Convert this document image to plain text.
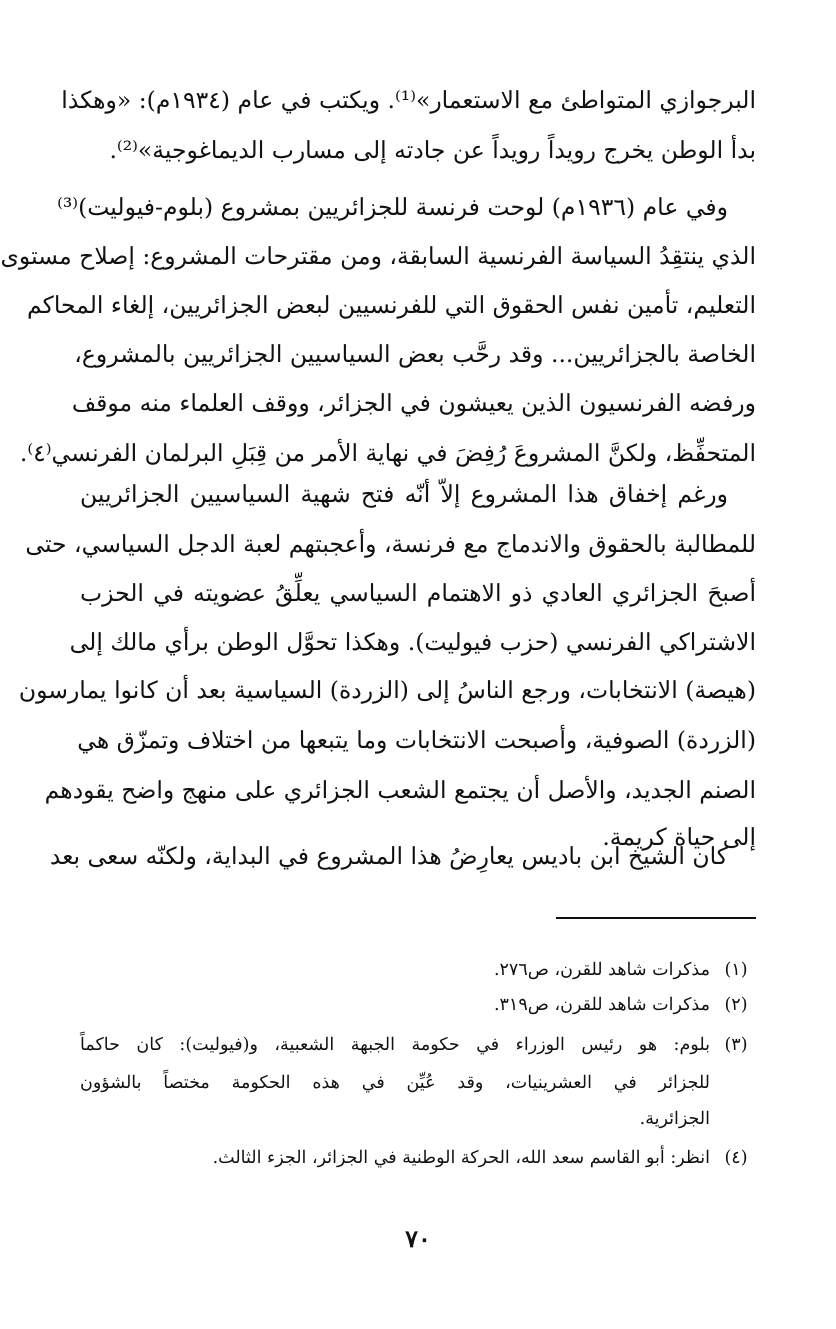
البرجوازي المتواطئ مع الاستعمار»⁽¹⁾. ويكتب في عام (١٩٣٤م): «وهكذا
بدأ الوطن يخرج رويداً رويداً عن جادته إلى مسارب الديماغوجية»⁽²⁾.
وفي عام (١٩٣٦م) لوحت فرنسة للجزائريين بمشروع (بلوم-فيوليت)⁽³⁾
الذي ينتقِدُ السياسة الفرنسية السابقة، ومن مقترحات المشروع: إصلاح مستوى
التعليم، تأمين نفس الحقوق التي للفرنسيين لبعض الجزائريين، إلغاء المحاكم
الخاصة بالجزائريين... وقد رحَّب بعض السياسيين الجزائريين بالمشروع،
ورفضه الفرنسيون الذين يعيشون في الجزائر، ووقف العلماء منه موقف
المتحفِّظ، ولكنَّ المشروعَ رُفِضَ في نهاية الأمر من قِبَلِ البرلمان الفرنسي⁽٤⁾.
ورغم إخفاق هذا المشروع إلاّ أنّه فتح شهية السياسيين الجزائريين
للمطالبة بالحقوق والاندماج مع فرنسة، وأعجبتهم لعبة الدجل السياسي، حتى
أصبحَ الجزائري العادي ذو الاهتمام السياسي يعلِّقُ عضويته في الحزب
الاشتراكي الفرنسي (حزب فيوليت). وهكذا تحوَّل الوطن برأي مالك إلى
(هيصة) الانتخابات، ورجع الناسُ إلى (الزردة) السياسية بعد أن كانوا يمارسون
(الزردة) الصوفية، وأصبحت الانتخابات وما يتبعها من اختلاف وتمزّق هي
الصنم الجديد، والأصل أن يجتمع الشعب الجزائري على منهج واضح يقودهم
إلى حياة كريمة.
كان الشيخ ابن باديس يعارِضُ هذا المشروع في البداية، ولكنّه سعى بعد
(١)
مذكرات شاهد للقرن، ص٢٧٦.
(٢)
مذكرات شاهد للقرن، ص٣١٩.
(٣)
بلوم: هو رئيس الوزراء في حكومة الجبهة الشعبية، و(فيوليت): كان حاكماً
للجزائر في العشرينيات، وقد عُيِّن في هذه الحكومة مختصاً بالشؤون
الجزائرية.
(٤)
انظر: أبو القاسم سعد الله، الحركة الوطنية في الجزائر، الجزء الثالث.
٧٠
